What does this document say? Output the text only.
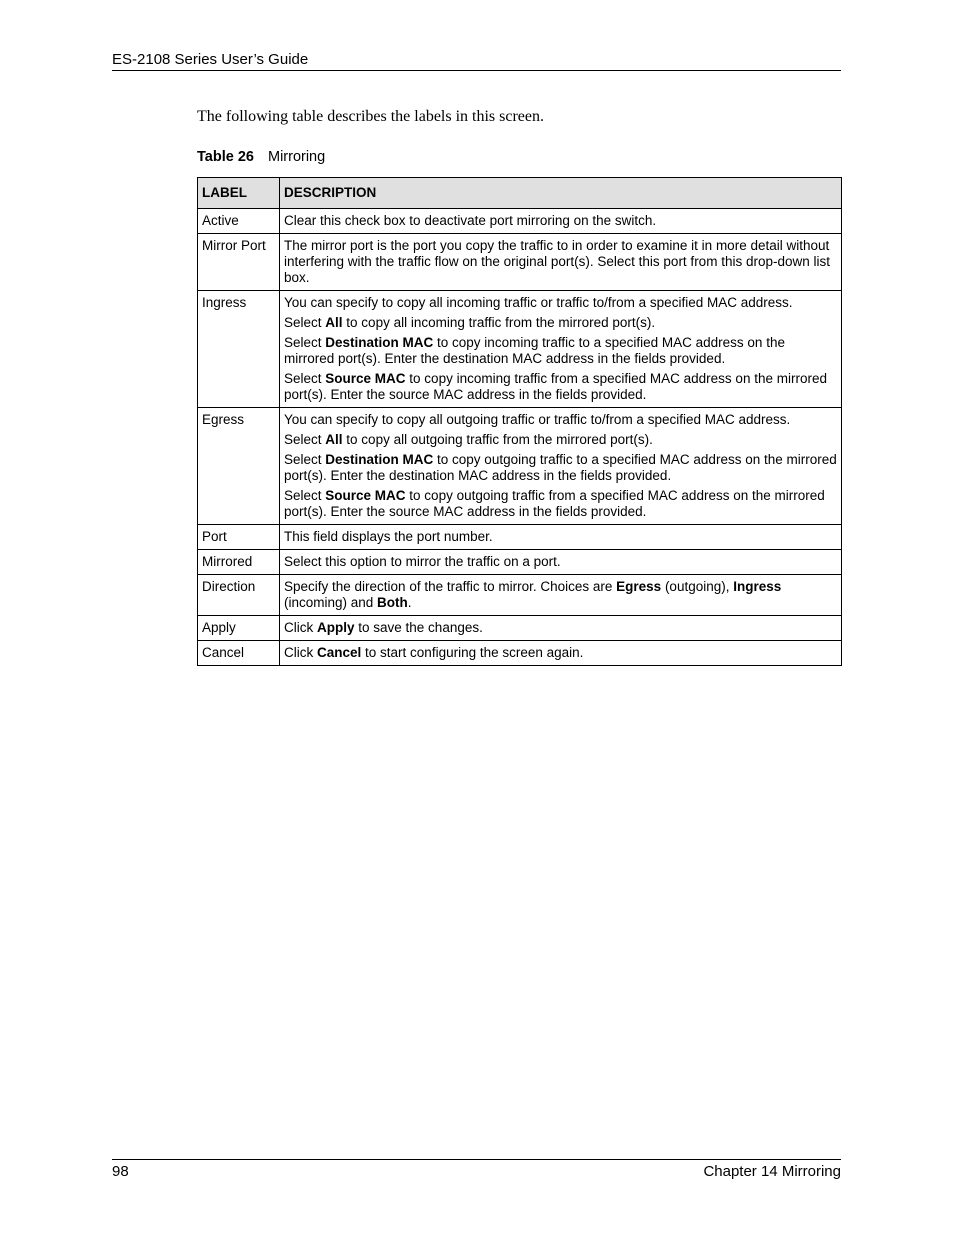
ES-2108 Series User’s Guide
The following table describes the labels in this screen.
Table 26 Mirroring
LABEL	DESCRIPTION
Active	Clear this check box to deactivate port mirroring on the switch.

Mirror Port	The mirror port is the port you copy the traffic to in order to examine it in more detail without interfering with the traffic flow on the original port(s). Select this port from this drop-down list box.

Ingress	You can specify to copy all incoming traffic or traffic to/from a specified MAC address.

Select All to copy all incoming traffic from the mirrored port(s).

Select Destination MAC to copy incoming traffic to a specified MAC address on the mirrored port(s). Enter the destination MAC address in the fields provided.

Select Source MAC to copy incoming traffic from a specified MAC address on the mirrored port(s). Enter the source MAC address in the fields provided.

Egress	You can specify to copy all outgoing traffic or traffic to/from a specified MAC address.

Select All to copy all outgoing traffic from the mirrored port(s).

Select Destination MAC to copy outgoing traffic to a specified MAC address on the mirrored port(s). Enter the destination MAC address in the fields provided.

Select Source MAC to copy outgoing traffic from a specified MAC address on the mirrored port(s). Enter the source MAC address in the fields provided.

Port	This field displays the port number.

Mirrored	Select this option to mirror the traffic on a port.

Direction	Specify the direction of the traffic to mirror. Choices are Egress (outgoing), Ingress (incoming) and Both.

Apply	Click Apply to save the changes.

Cancel	Click Cancel to start configuring the screen again.

98	Chapter 14 Mirroring
